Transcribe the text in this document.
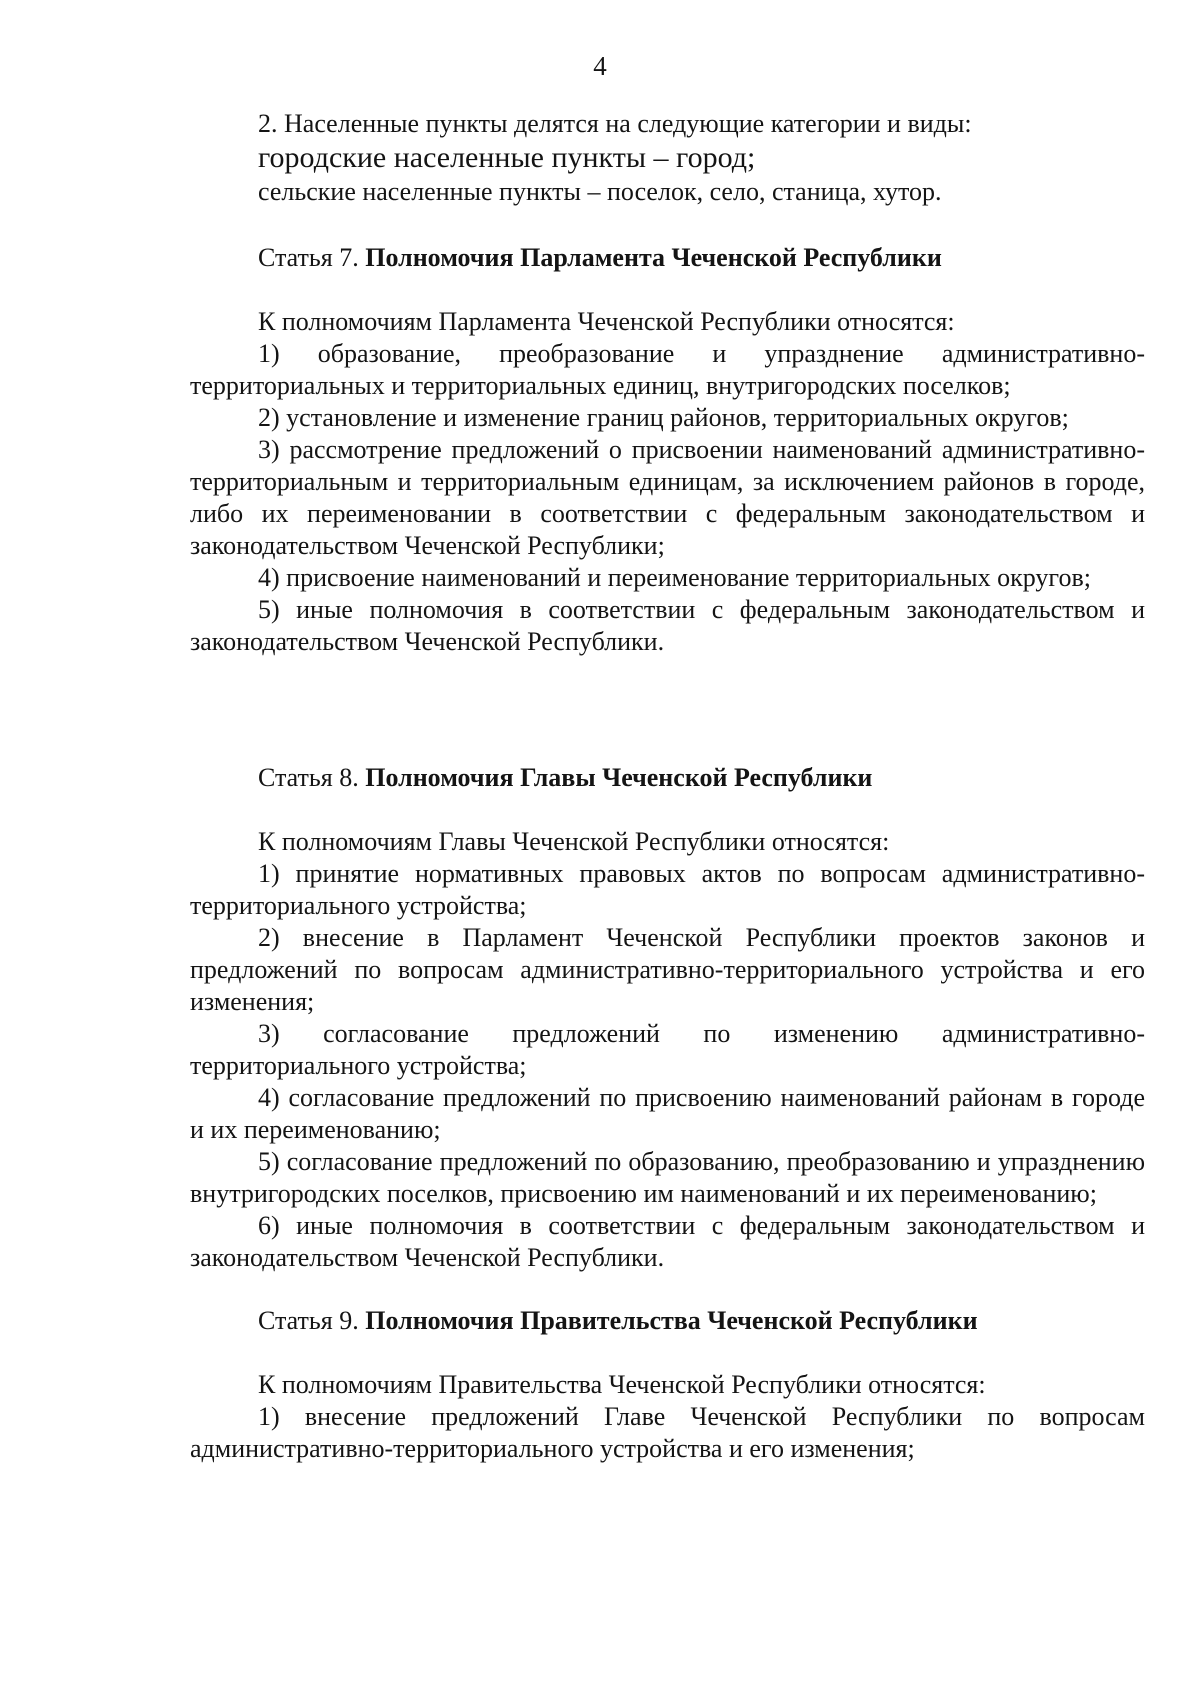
4

2. Населенные пункты делятся на следующие категории и виды:

городские населенные пункты – город;

сельские населенные пункты – поселок, село, станица, хутор.

Статья 7. Полномочия Парламента Чеченской Республики

К полномочиям Парламента Чеченской Республики относятся:

1) образование, преобразование и упразднение административно-территориальных и территориальных единиц, внутригородских поселков;

2) установление и изменение границ районов, территориальных округов;

3) рассмотрение предложений о присвоении наименований административно-территориальным и территориальным единицам, за исключением районов в городе, либо их переименовании в соответствии с федеральным законодательством и законодательством Чеченской Республики;

4) присвоение наименований и переименование территориальных округов;

5) иные полномочия в соответствии с федеральным законодательством и законодательством Чеченской Республики.

Статья 8. Полномочия Главы Чеченской Республики

К полномочиям Главы Чеченской Республики относятся:

1) принятие нормативных правовых актов по вопросам административно-территориального устройства;

2) внесение в Парламент Чеченской Республики проектов законов и предложений по вопросам административно-территориального устройства и его изменения;

3) согласование предложений по изменению административно-территориального устройства;

4) согласование предложений по присвоению наименований районам в городе и их переименованию;

5) согласование предложений по образованию, преобразованию и упразднению внутригородских поселков, присвоению им наименований и их переименованию;

6) иные полномочия в соответствии с федеральным законодательством и законодательством Чеченской Республики.

Статья 9. Полномочия Правительства Чеченской Республики

К полномочиям Правительства Чеченской Республики относятся:

1) внесение предложений Главе Чеченской Республики по вопросам административно-территориального устройства и его изменения;
